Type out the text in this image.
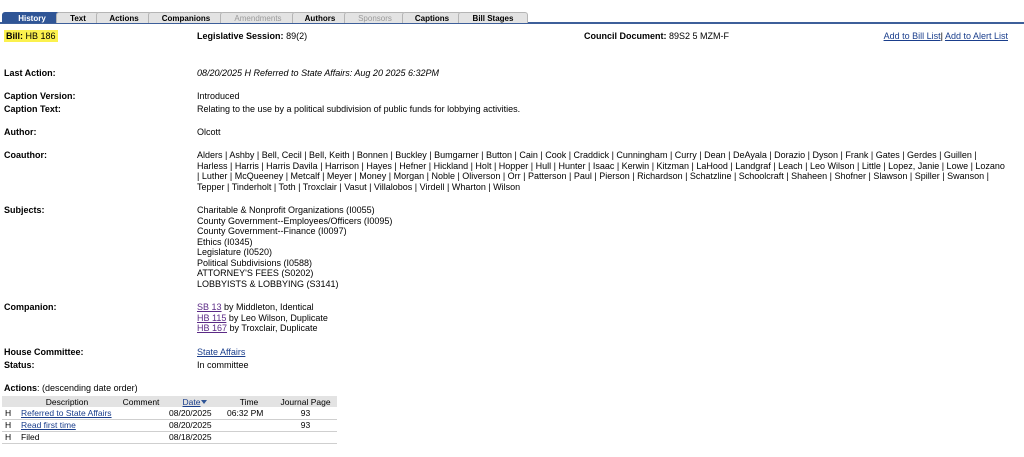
History	Text	Actions	Companions	Amendments	Authors	Sponsors	Captions	Bill Stages
Bill: HB 186	Legislative Session: 89(2)	Council Document: 89S2 5 MZM-F	Add to Bill List| Add to Alert List
Last Action:	08/20/2025 H Referred to State Affairs: Aug 20 2025 6:32PM
Caption Version:	Introduced
Caption Text:	Relating to the use by a political subdivision of public funds for lobbying activities.
Author:	Olcott
Coauthor:	Alders | Ashby | Bell, Cecil | Bell, Keith | Bonnen | Buckley | Bumgarner | Button | Cain | Cook | Craddick | Cunningham | Curry | Dean | DeAyala | Dorazio | Dyson | Frank | Gates | Gerdes | Guillen | Harless | Harris | Harris Davila | Harrison | Hayes | Hefner | Hickland | Holt | Hopper | Hull | Hunter | Isaac | Kerwin | Kitzman | LaHood | Landgraf | Leach | Leo Wilson | Little | Lopez, Janie | Lowe | Lozano | Luther | McQueeney | Metcalf | Meyer | Money | Morgan | Noble | Oliverson | Orr | Patterson | Paul | Pierson | Richardson | Schatzline | Schoolcraft | Shaheen | Shofner | Slawson | Spiller | Swanson | Tepper | Tinderholt | Toth | Troxclair | Vasut | Villalobos | Virdell | Wharton | Wilson
Subjects:	Charitable & Nonprofit Organizations (I0055)
County Government--Employees/Officers (I0095)
County Government--Finance (I0097)
Ethics (I0345)
Legislature (I0520)
Political Subdivisions (I0588)
ATTORNEY'S FEES (S0202)
LOBBYISTS & LOBBYING (S3141)
Companion:	SB 13 by Middleton, Identical
HB 115 by Leo Wilson, Duplicate
HB 167 by Troxclair, Duplicate
House Committee:	State Affairs
Status:	In committee
Actions: (descending date order)
	Description	Comment	Date	Time	Journal Page
H	Referred to State Affairs		08/20/2025	06:32 PM	93
H	Read first time		08/20/2025		93
H	Filed		08/18/2025		
